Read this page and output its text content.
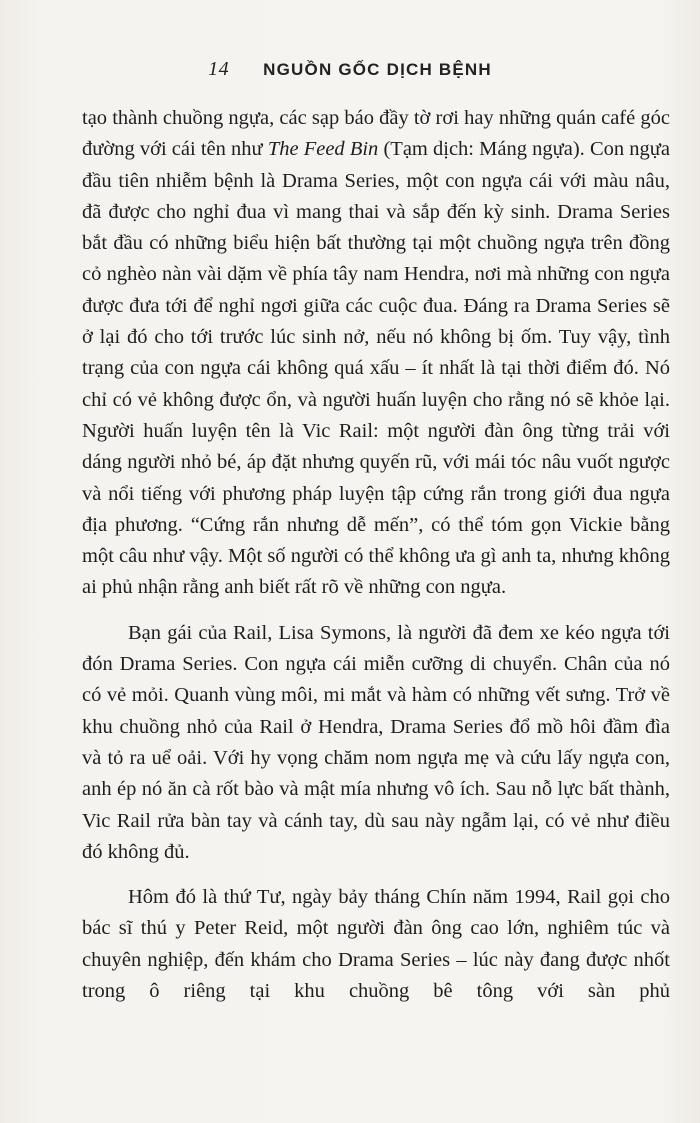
14 NGUỒN GỐC DỊCH BỆNH

tạo thành chuồng ngựa, các sạp báo đầy tờ rơi hay những quán café góc đường với cái tên như The Feed Bin (Tạm dịch: Máng ngựa). Con ngựa đầu tiên nhiễm bệnh là Drama Series, một con ngựa cái với màu nâu, đã được cho nghỉ đua vì mang thai và sắp đến kỳ sinh. Drama Series bắt đầu có những biểu hiện bất thường tại một chuồng ngựa trên đồng cỏ nghèo nàn vài dặm về phía tây nam Hendra, nơi mà những con ngựa được đưa tới để nghỉ ngơi giữa các cuộc đua. Đáng ra Drama Series sẽ ở lại đó cho tới trước lúc sinh nở, nếu nó không bị ốm. Tuy vậy, tình trạng của con ngựa cái không quá xấu – ít nhất là tại thời điểm đó. Nó chỉ có vẻ không được ổn, và người huấn luyện cho rằng nó sẽ khỏe lại. Người huấn luyện tên là Vic Rail: một người đàn ông từng trải với dáng người nhỏ bé, áp đặt nhưng quyến rũ, với mái tóc nâu vuốt ngược và nổi tiếng với phương pháp luyện tập cứng rắn trong giới đua ngựa địa phương. “Cứng rắn nhưng dễ mến”, có thể tóm gọn Vickie bằng một câu như vậy. Một số người có thể không ưa gì anh ta, nhưng không ai phủ nhận rằng anh biết rất rõ về những con ngựa.

Bạn gái của Rail, Lisa Symons, là người đã đem xe kéo ngựa tới đón Drama Series. Con ngựa cái miễn cưỡng di chuyển. Chân của nó có vẻ mỏi. Quanh vùng môi, mi mắt và hàm có những vết sưng. Trở về khu chuồng nhỏ của Rail ở Hendra, Drama Series đổ mồ hôi đầm đìa và tỏ ra uể oải. Với hy vọng chăm nom ngựa mẹ và cứu lấy ngựa con, anh ép nó ăn cà rốt bào và mật mía nhưng vô ích. Sau nỗ lực bất thành, Vic Rail rửa bàn tay và cánh tay, dù sau này ngẫm lại, có vẻ như điều đó không đủ.

Hôm đó là thứ Tư, ngày bảy tháng Chín năm 1994, Rail gọi cho bác sĩ thú y Peter Reid, một người đàn ông cao lớn, nghiêm túc và chuyên nghiệp, đến khám cho Drama Series – lúc này đang được nhốt trong ô riêng tại khu chuồng bê tông với sàn phủ
